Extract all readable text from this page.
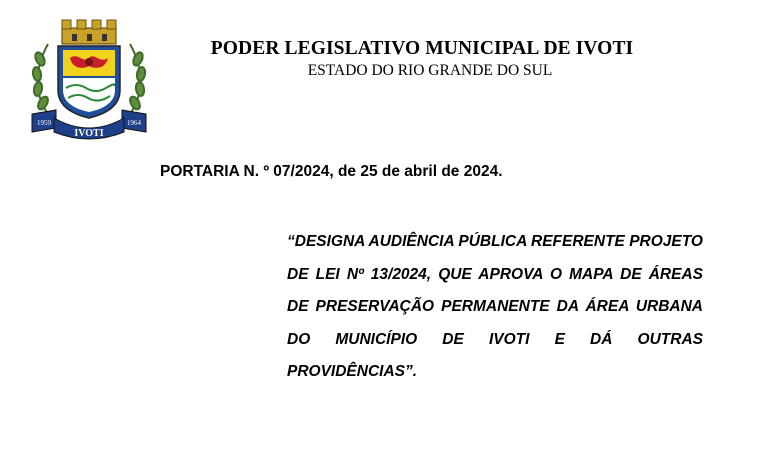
1959
IVOTI
1964
PODER LEGISLATIVO MUNICIPAL DE IVOTI
ESTADO DO RIO GRANDE DO SUL
PORTARIA N. º 07/2024, de 25 de abril de 2024.
“DESIGNA AUDIÊNCIA PÚBLICA REFERENTE PROJETO DE LEI Nº 13/2024, QUE APROVA O MAPA DE ÁREAS DE PRESERVAÇÃO PERMANENTE DA ÁREA URBANA DO MUNICÍPIO DE IVOTI E DÁ OUTRAS PROVIDÊNCIAS”.
